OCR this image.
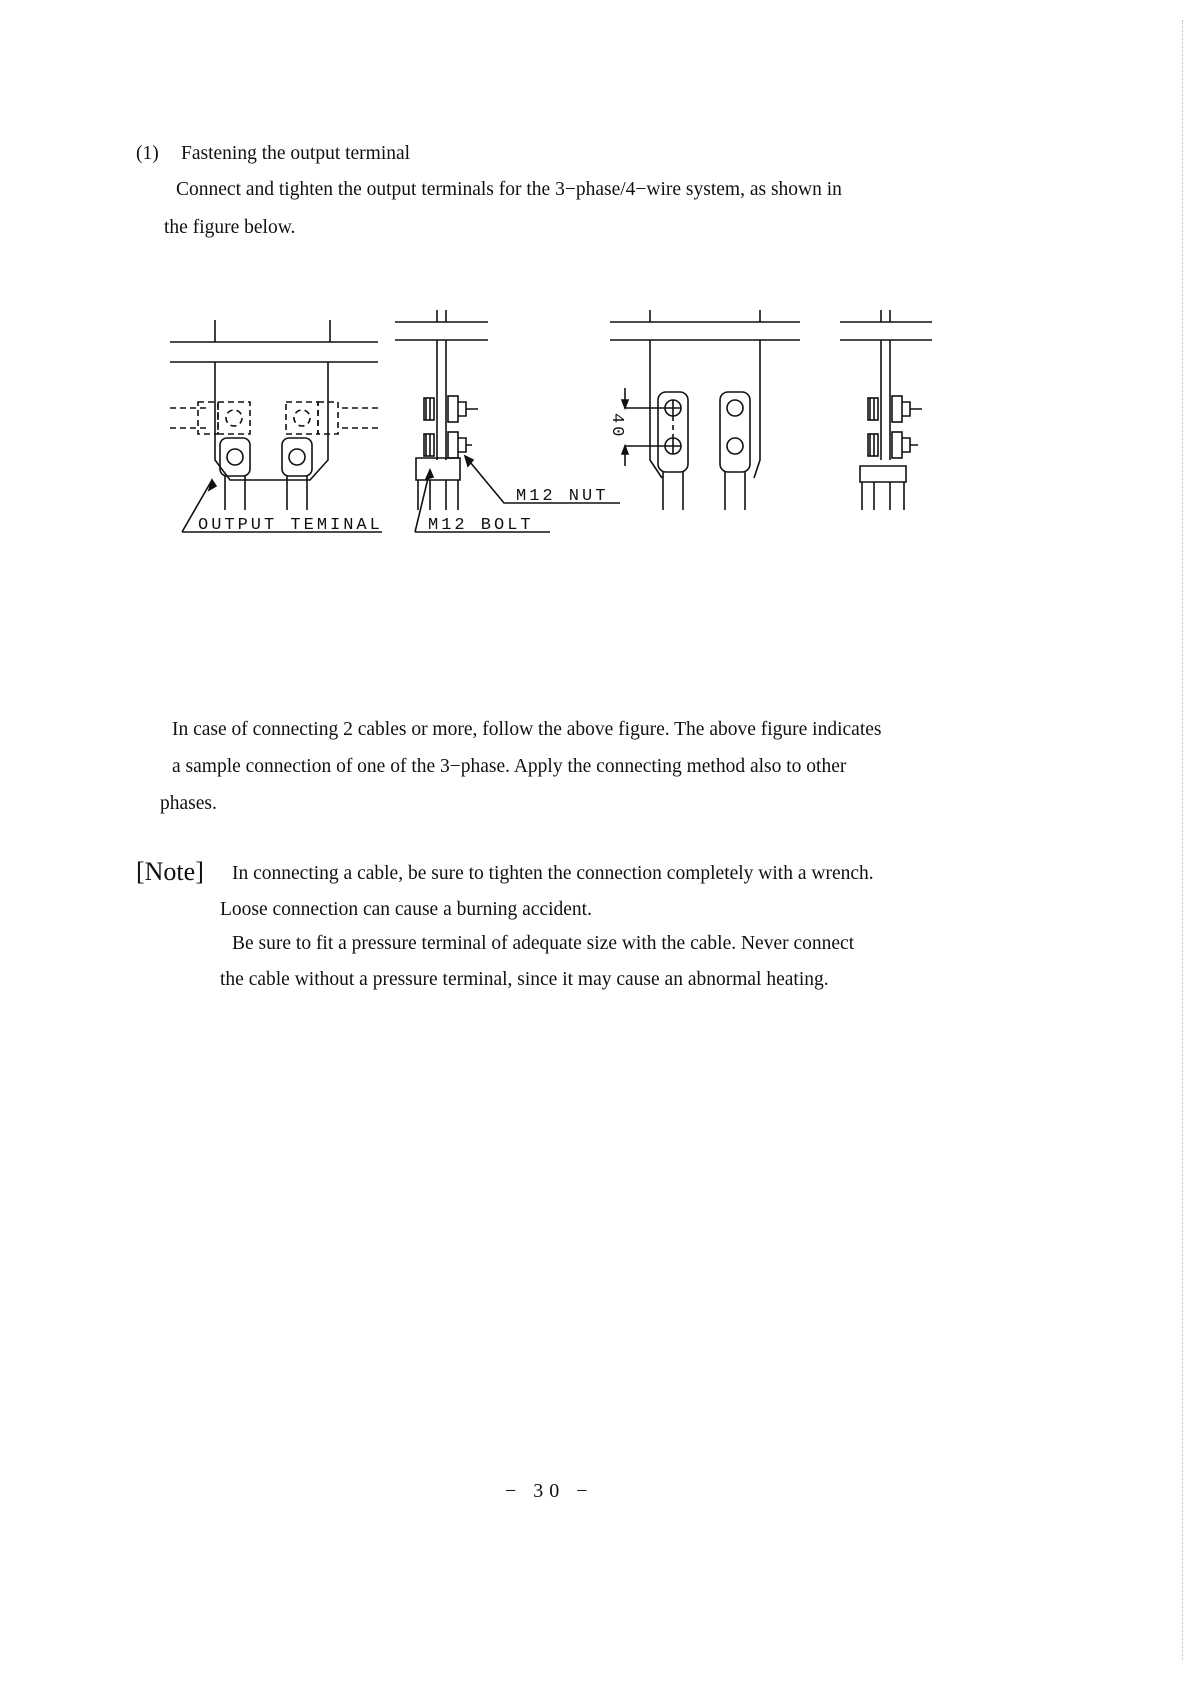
(1) Fastening the output terminal
Connect and tighten the output terminals for the 3−phase/4−wire system, as shown in
the figure below.
OUTPUT TEMINAL	M12 BOLT
M12 NUT
40
In case of connecting 2 cables or more, follow the above figure. The above figure indicates
a sample connection of one of the 3−phase. Apply the connecting method also to other
phases.
[Note] In connecting a cable, be sure to tighten the connection completely with a wrench.
Loose connection can cause a burning accident.
Be sure to fit a pressure terminal of adequate size with the cable. Never connect
the cable without a pressure terminal, since it may cause an abnormal heating.
− 30 −
